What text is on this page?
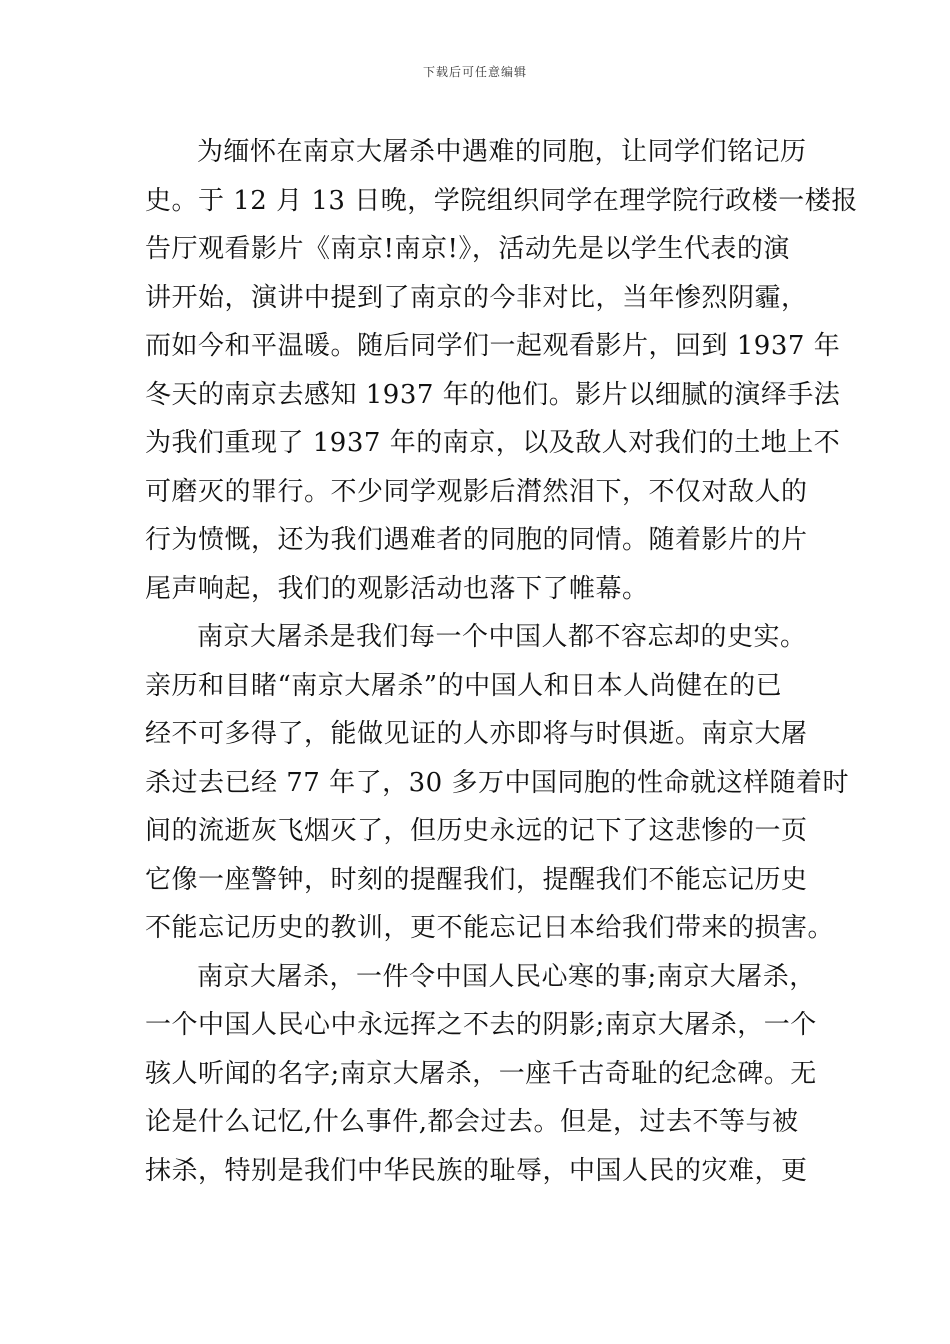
下载后可任意编辑
为缅怀在南京大屠杀中遇难的同胞，让同学们铭记历
史。于 12 月 13 日晚，学院组织同学在理学院行政楼一楼报
告厅观看影片《南京!南京!》，活动先是以学生代表的演
讲开始，演讲中提到了南京的今非对比，当年惨烈阴霾，
而如今和平温暖。随后同学们一起观看影片，回到 1937 年
冬天的南京去感知 1937 年的他们。影片以细腻的演绎手法
为我们重现了 1937 年的南京，以及敌人对我们的土地上不
可磨灭的罪行。不少同学观影后潸然泪下，不仅对敌人的
行为愤慨，还为我们遇难者的同胞的同情。随着影片的片
尾声响起，我们的观影活动也落下了帷幕。
南京大屠杀是我们每一个中国人都不容忘却的史实。
亲历和目睹“南京大屠杀”的中国人和日本人尚健在的已
经不可多得了，能做见证的人亦即将与时俱逝。南京大屠
杀过去已经 77 年了，30 多万中国同胞的性命就这样随着时
间的流逝灰飞烟灭了，但历史永远的记下了这悲惨的一页
它像一座警钟，时刻的提醒我们，提醒我们不能忘记历史
不能忘记历史的教训，更不能忘记日本给我们带来的损害。
南京大屠杀，一件令中国人民心寒的事;南京大屠杀，
一个中国人民心中永远挥之不去的阴影;南京大屠杀，一个
骇人听闻的名字;南京大屠杀，一座千古奇耻的纪念碑。无
论是什么记忆,什么事件,都会过去。但是，过去不等与被
抹杀，特别是我们中华民族的耻辱，中国人民的灾难，更
